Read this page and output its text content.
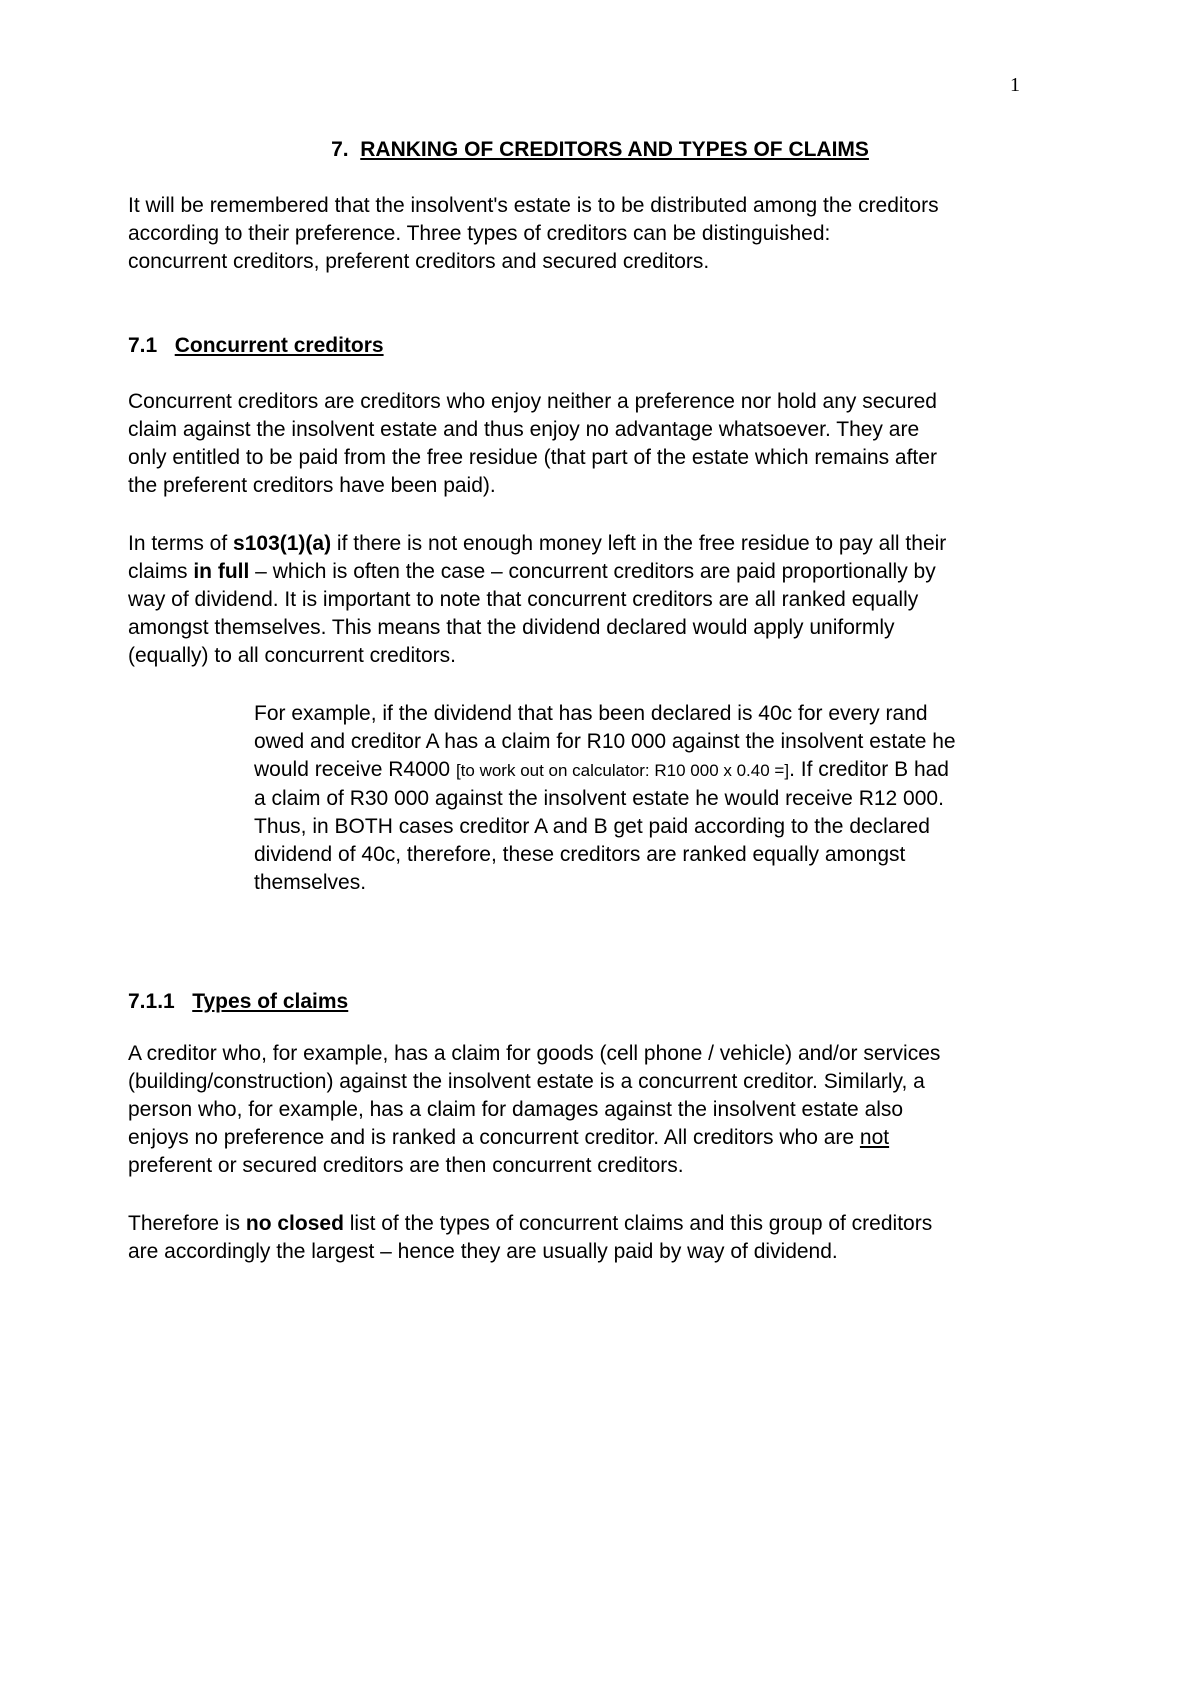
1
7. RANKING OF CREDITORS AND TYPES OF CLAIMS
It will be remembered that the insolvent's estate is to be distributed among the creditors
according to their preference. Three types of creditors can be distinguished:
concurrent creditors, preferent creditors and secured creditors.
7.1 Concurrent creditors
Concurrent creditors are creditors who enjoy neither a preference nor hold any secured
claim against the insolvent estate and thus enjoy no advantage whatsoever. They are
only entitled to be paid from the free residue (that part of the estate which remains after
the preferent creditors have been paid).
In terms of s103(1)(a) if there is not enough money left in the free residue to pay all their
claims in full – which is often the case – concurrent creditors are paid proportionally by
way of dividend. It is important to note that concurrent creditors are all ranked equally
amongst themselves. This means that the dividend declared would apply uniformly
(equally) to all concurrent creditors.
For example, if the dividend that has been declared is 40c for every rand
owed and creditor A has a claim for R10 000 against the insolvent estate he
would receive R4000 [to work out on calculator: R10 000 x 0.40 =]. If creditor B had
a claim of R30 000 against the insolvent estate he would receive R12 000.
Thus, in BOTH cases creditor A and B get paid according to the declared
dividend of 40c, therefore, these creditors are ranked equally amongst
themselves.
7.1.1 Types of claims
A creditor who, for example, has a claim for goods (cell phone / vehicle) and/or services
(building/construction) against the insolvent estate is a concurrent creditor. Similarly, a
person who, for example, has a claim for damages against the insolvent estate also
enjoys no preference and is ranked a concurrent creditor. All creditors who are not
preferent or secured creditors are then concurrent creditors.
Therefore is no closed list of the types of concurrent claims and this group of creditors
are accordingly the largest – hence they are usually paid by way of dividend.
